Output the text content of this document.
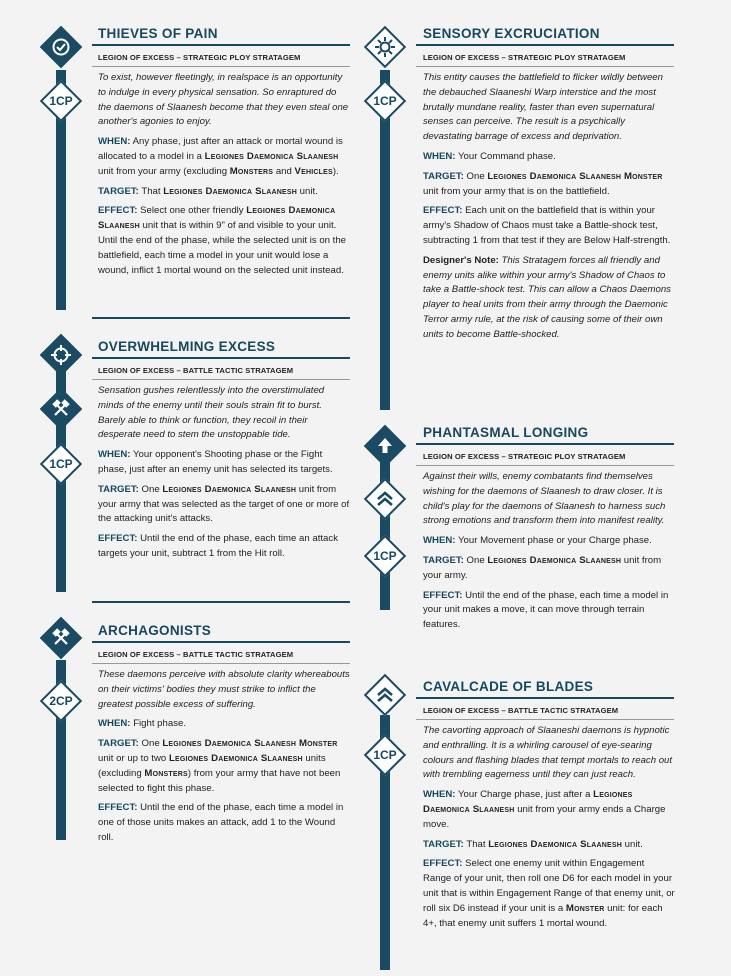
1CP
THIEVES OF PAIN
LEGION OF EXCESS – STRATEGIC PLOY STRATAGEM

To exist, however fleetingly, in realspace is an opportunity to indulge in every physical sensation. So enraptured do the daemons of Slaanesh become that they even steal one another's agonies to enjoy.

WHEN: Any phase, just after an attack or mortal wound is allocated to a model in a Legiones Daemonica Slaanesh unit from your army (excluding Monsters and Vehicles).

TARGET: That Legiones Daemonica Slaanesh unit.

EFFECT: Select one other friendly Legiones Daemonica Slaanesh unit that is within 9" of and visible to your unit. Until the end of the phase, while the selected unit is on the battlefield, each time a model in your unit would lose a wound, inflict 1 mortal wound on the selected unit instead.

1CP
OVERWHELMING EXCESS
LEGION OF EXCESS – BATTLE TACTIC STRATAGEM

Sensation gushes relentlessly into the overstimulated minds of the enemy until their souls strain fit to burst. Barely able to think or function, they recoil in their desperate need to stem the unstoppable tide.

WHEN: Your opponent's Shooting phase or the Fight phase, just after an enemy unit has selected its targets.

TARGET: One Legiones Daemonica Slaanesh unit from your army that was selected as the target of one or more of the attacking unit's attacks.

EFFECT: Until the end of the phase, each time an attack targets your unit, subtract 1 from the Hit roll.

2CP
ARCHAGONISTS
LEGION OF EXCESS – BATTLE TACTIC STRATAGEM

These daemons perceive with absolute clarity whereabouts on their victims' bodies they must strike to inflict the greatest possible excess of suffering.

WHEN: Fight phase.

TARGET: One Legiones Daemonica Slaanesh Monster unit or up to two Legiones Daemonica Slaanesh units (excluding Monsters) from your army that have not been selected to fight this phase.

EFFECT: Until the end of the phase, each time a model in one of those units makes an attack, add 1 to the Wound roll.

1CP
SENSORY EXCRUCIATION
LEGION OF EXCESS – STRATEGIC PLOY STRATAGEM

This entity causes the battlefield to flicker wildly between the debauched Slaaneshi Warp interstice and the most brutally mundane reality, faster than even supernatural senses can perceive. The result is a psychically devastating barrage of excess and deprivation.

WHEN: Your Command phase.

TARGET: One Legiones Daemonica Slaanesh Monster unit from your army that is on the battlefield.

EFFECT: Each unit on the battlefield that is within your army's Shadow of Chaos must take a Battle-shock test, subtracting 1 from that test if they are Below Half-strength.

Designer's Note: This Stratagem forces all friendly and enemy units alike within your army's Shadow of Chaos to take a Battle-shock test. This can allow a Chaos Daemons player to heal units from their army through the Daemonic Terror army rule, at the risk of causing some of their own units to become Battle-shocked.

1CP
PHANTASMAL LONGING
LEGION OF EXCESS – STRATEGIC PLOY STRATAGEM

Against their wills, enemy combatants find themselves wishing for the daemons of Slaanesh to draw closer. It is child's play for the daemons of Slaanesh to harness such strong emotions and transform them into manifest reality.

WHEN: Your Movement phase or your Charge phase.

TARGET: One Legiones Daemonica Slaanesh unit from your army.

EFFECT: Until the end of the phase, each time a model in your unit makes a move, it can move through terrain features.

1CP
CAVALCADE OF BLADES
LEGION OF EXCESS – BATTLE TACTIC STRATAGEM

The cavorting approach of Slaaneshi daemons is hypnotic and enthralling. It is a whirling carousel of eye-searing colours and flashing blades that tempt mortals to reach out with trembling eagerness until they can just reach.

WHEN: Your Charge phase, just after a Legiones Daemonica Slaanesh unit from your army ends a Charge move.

TARGET: That Legiones Daemonica Slaanesh unit.

EFFECT: Select one enemy unit within Engagement Range of your unit, then roll one D6 for each model in your unit that is within Engagement Range of that enemy unit, or roll six D6 instead if your unit is a Monster unit: for each 4+, that enemy unit suffers 1 mortal wound.
